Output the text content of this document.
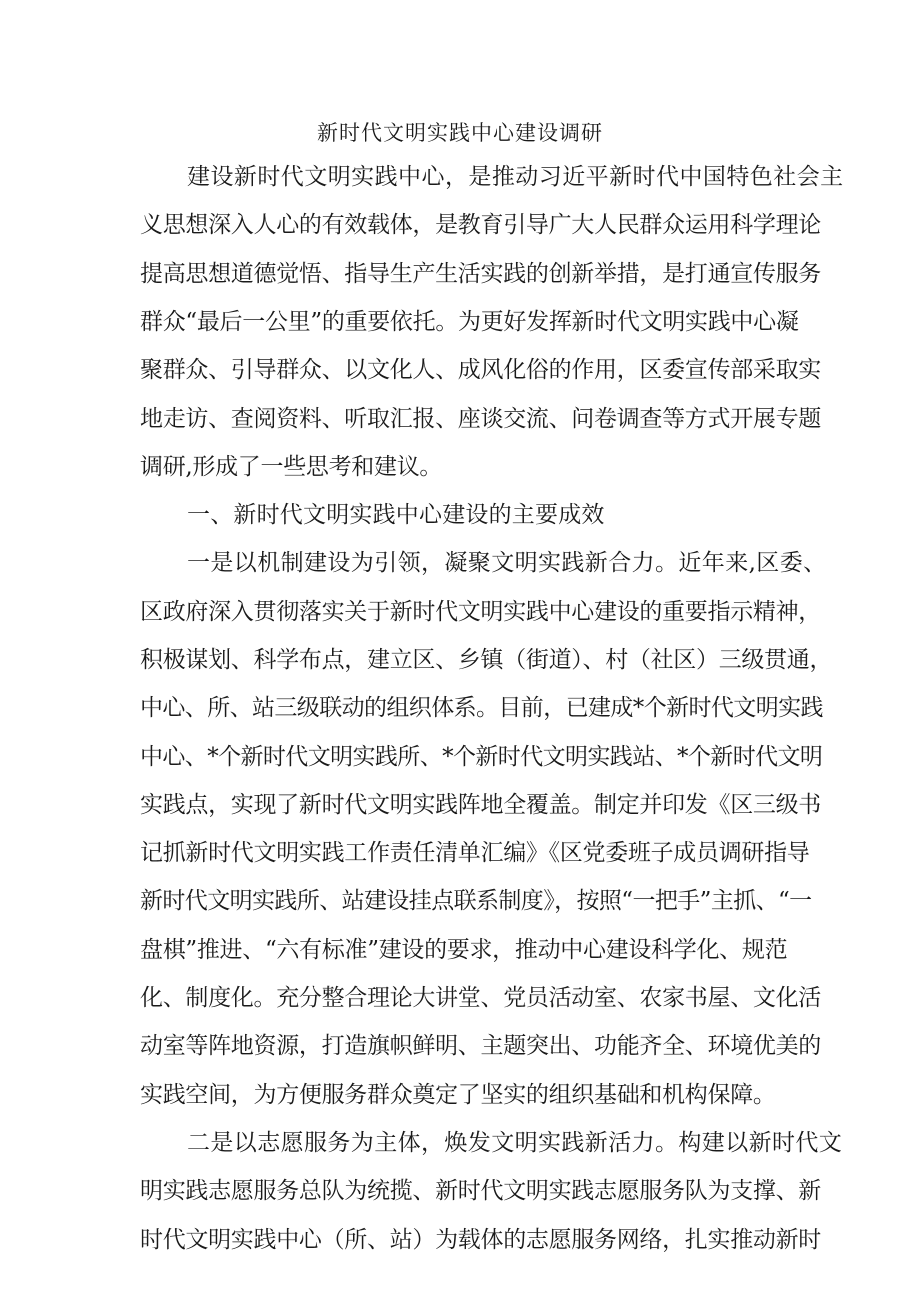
新时代文明实践中心建设调研

建设新时代文明实践中心，是推动习近平新时代中国特色社会主

义思想深入人心的有效载体，是教育引导广大人民群众运用科学理论

提高思想道德觉悟、指导生产生活实践的创新举措，是打通宣传服务

群众“最后一公里”的重要依托。为更好发挥新时代文明实践中心凝

聚群众、引导群众、以文化人、成风化俗的作用，区委宣传部采取实

地走访、查阅资料、听取汇报、座谈交流、问卷调查等方式开展专题

调研,形成了一些思考和建议。

一、新时代文明实践中心建设的主要成效

一是以机制建设为引领，凝聚文明实践新合力。近年来,区委、

区政府深入贯彻落实关于新时代文明实践中心建设的重要指示精神，

积极谋划、科学布点，建立区、乡镇（街道）、村（社区）三级贯通，

中心、所、站三级联动的组织体系。目前，已建成*个新时代文明实践

中心、*个新时代文明实践所、*个新时代文明实践站、*个新时代文明

实践点，实现了新时代文明实践阵地全覆盖。制定并印发《区三级书

记抓新时代文明实践工作责任清单汇编》《区党委班子成员调研指导

新时代文明实践所、站建设挂点联系制度》，按照“一把手”主抓、“一

盘棋”推进、“六有标准”建设的要求，推动中心建设科学化、规范

化、制度化。充分整合理论大讲堂、党员活动室、农家书屋、文化活

动室等阵地资源，打造旗帜鲜明、主题突出、功能齐全、环境优美的

实践空间，为方便服务群众奠定了坚实的组织基础和机构保障。

二是以志愿服务为主体，焕发文明实践新活力。构建以新时代文

明实践志愿服务总队为统揽、新时代文明实践志愿服务队为支撑、新

时代文明实践中心（所、站）为载体的志愿服务网络，扎实推动新时
